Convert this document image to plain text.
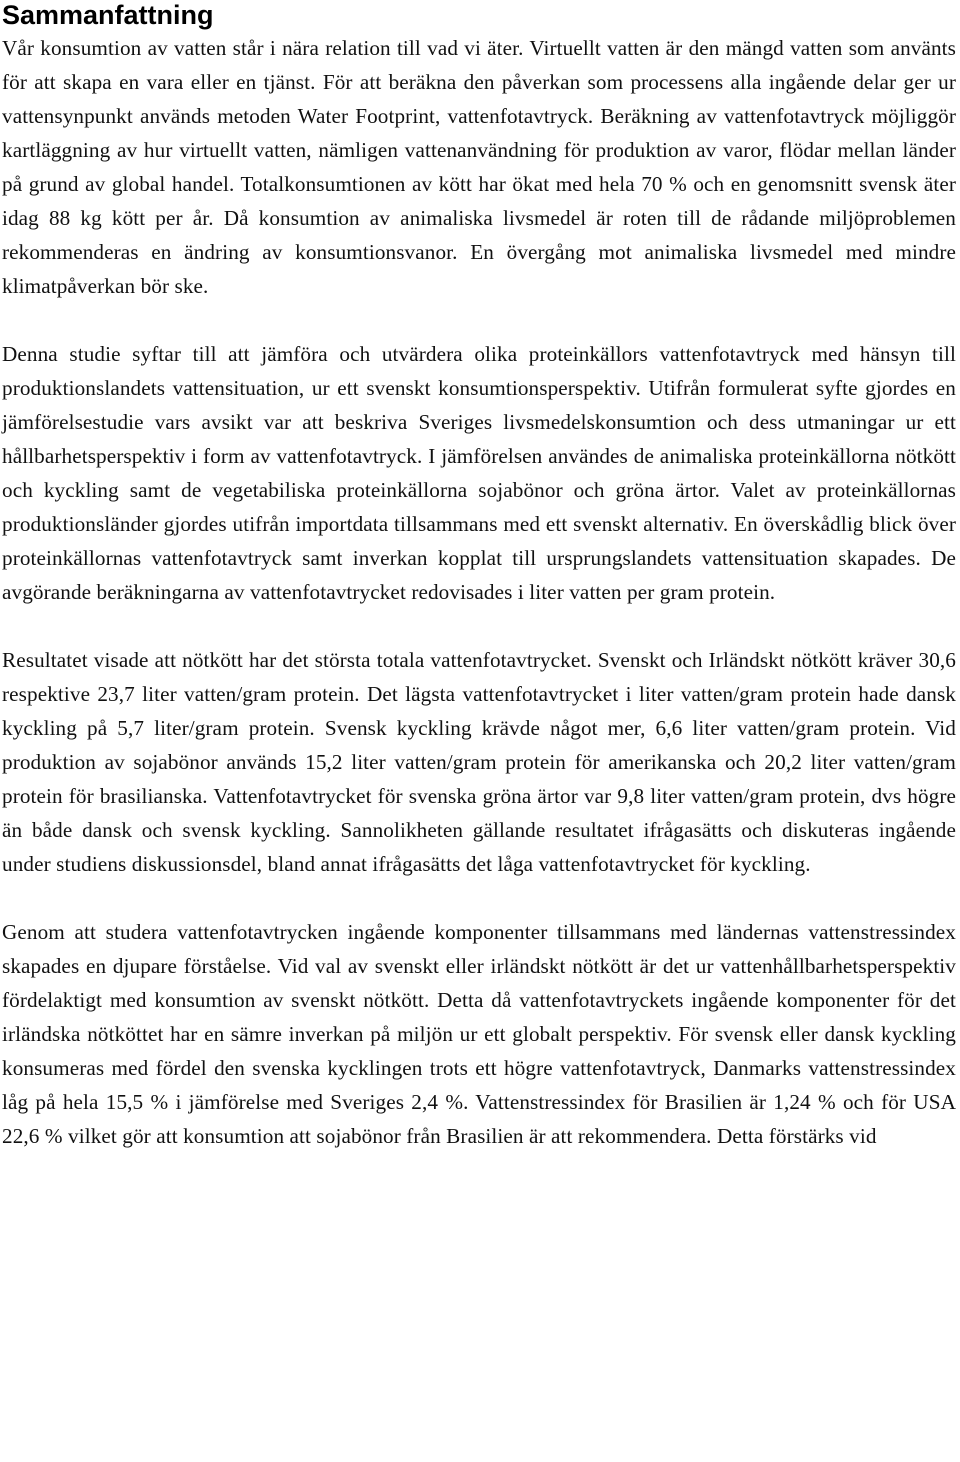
Sammanfattning

Vår konsumtion av vatten står i nära relation till vad vi äter. Virtuellt vatten är den mängd vatten som använts för att skapa en vara eller en tjänst. För att beräkna den påverkan som processens alla ingående delar ger ur vattensynpunkt används metoden Water Footprint, vattenfotavtryck. Beräkning av vattenfotavtryck möjliggör kartläggning av hur virtuellt vatten, nämligen vattenanvändning för produktion av varor, flödar mellan länder på grund av global handel. Totalkonsumtionen av kött har ökat med hela 70 % och en genomsnitt svensk äter idag 88 kg kött per år. Då konsumtion av animaliska livsmedel är roten till de rådande miljöproblemen rekommenderas en ändring av konsumtionsvanor. En övergång mot animaliska livsmedel med mindre klimatpåverkan bör ske.

Denna studie syftar till att jämföra och utvärdera olika proteinkällors vattenfotavtryck med hänsyn till produktionslandets vattensituation, ur ett svenskt konsumtionsperspektiv. Utifrån formulerat syfte gjordes en jämförelsestudie vars avsikt var att beskriva Sveriges livsmedelskonsumtion och dess utmaningar ur ett hållbarhetsperspektiv i form av vattenfotavtryck. I jämförelsen användes de animaliska proteinkällorna nötkött och kyckling samt de vegetabiliska proteinkällorna sojabönor och gröna ärtor. Valet av proteinkällornas produktionsländer gjordes utifrån importdata tillsammans med ett svenskt alternativ. En överskådlig blick över proteinkällornas vattenfotavtryck samt inverkan kopplat till ursprungslandets vattensituation skapades. De avgörande beräkningarna av vattenfotavtrycket redovisades i liter vatten per gram protein.

Resultatet visade att nötkött har det största totala vattenfotavtrycket. Svenskt och Irländskt nötkött kräver 30,6 respektive 23,7 liter vatten/gram protein. Det lägsta vattenfotavtrycket i liter vatten/gram protein hade dansk kyckling på 5,7 liter/gram protein. Svensk kyckling krävde något mer, 6,6 liter vatten/gram protein. Vid produktion av sojabönor används 15,2 liter vatten/gram protein för amerikanska och 20,2 liter vatten/gram protein för brasilianska. Vattenfotavtrycket för svenska gröna ärtor var 9,8 liter vatten/gram protein, dvs högre än både dansk och svensk kyckling. Sannolikheten gällande resultatet ifrågasätts och diskuteras ingående under studiens diskussionsdel, bland annat ifrågasätts det låga vattenfotavtrycket för kyckling.

Genom att studera vattenfotavtrycken ingående komponenter tillsammans med ländernas vattenstressindex skapades en djupare förståelse. Vid val av svenskt eller irländskt nötkött är det ur vattenhållbarhetsperspektiv fördelaktigt med konsumtion av svenskt nötkött. Detta då vattenfotavtryckets ingående komponenter för det irländska nötköttet har en sämre inverkan på miljön ur ett globalt perspektiv. För svensk eller dansk kyckling konsumeras med fördel den svenska kycklingen trots ett högre vattenfotavtryck, Danmarks vattenstressindex låg på hela 15,5 % i jämförelse med Sveriges 2,4 %. Vattenstressindex för Brasilien är 1,24 % och för USA 22,6 % vilket gör att konsumtion att sojabönor från Brasilien är att rekommendera. Detta förstärks vid
